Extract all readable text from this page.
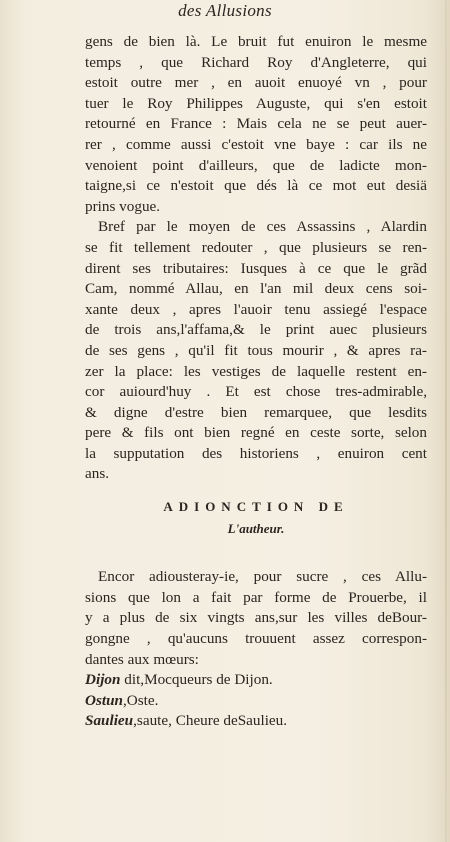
des Allusions
gens de bien là. Le bruit fut enuiron le mesme
temps , que Richard Roy d'Angleterre, qui
estoit outre mer , en auoit enuoyé vn , pour
tuer le Roy Philippes Auguste, qui s'en estoit
retourné en France : Mais cela ne se peut auer-
rer , comme aussi c'estoit vne baye : car ils ne
venoient point d'ailleurs, que de ladicte mon-
taigne,si ce n'estoit que dés là ce mot eut desiä
prins vogue.
Bref par le moyen de ces Assassins , Alardin
se fit tellement redouter , que plusieurs se ren-
dirent ses tributaires: Iusques à ce que le grãd
Cam, nommé Allau, en l'an mil deux cens soi-
xante deux , apres l'auoir tenu assiegé l'espace
de trois ans,l'affama,& le print auec plusieurs
de ses gens , qu'il fit tous mourir , & apres ra-
zer la place: les vestiges de laquelle restent en-
cor auiourd'huy . Et est chose tres-admirable,
& digne d'estre bien remarquee, que lesdits
pere & fils ont bien regné en ceste sorte, selon
la supputation des historiens , enuiron cent
ans.
ADIONCTION DE
L'autheur.
Encor adiousteray-ie, pour sucre , ces Allu-
sions que lon a fait par forme de Prouerbe, il
y a plus de six vingts ans,sur les villes deBour-
gongne , qu'aucuns trouuent assez correspon-
dantes aux mœurs:
Dijon dit,Mocqueurs de Dijon.
Ostun,Oste.
Saulieu,saute, Cheure deSaulieu.
